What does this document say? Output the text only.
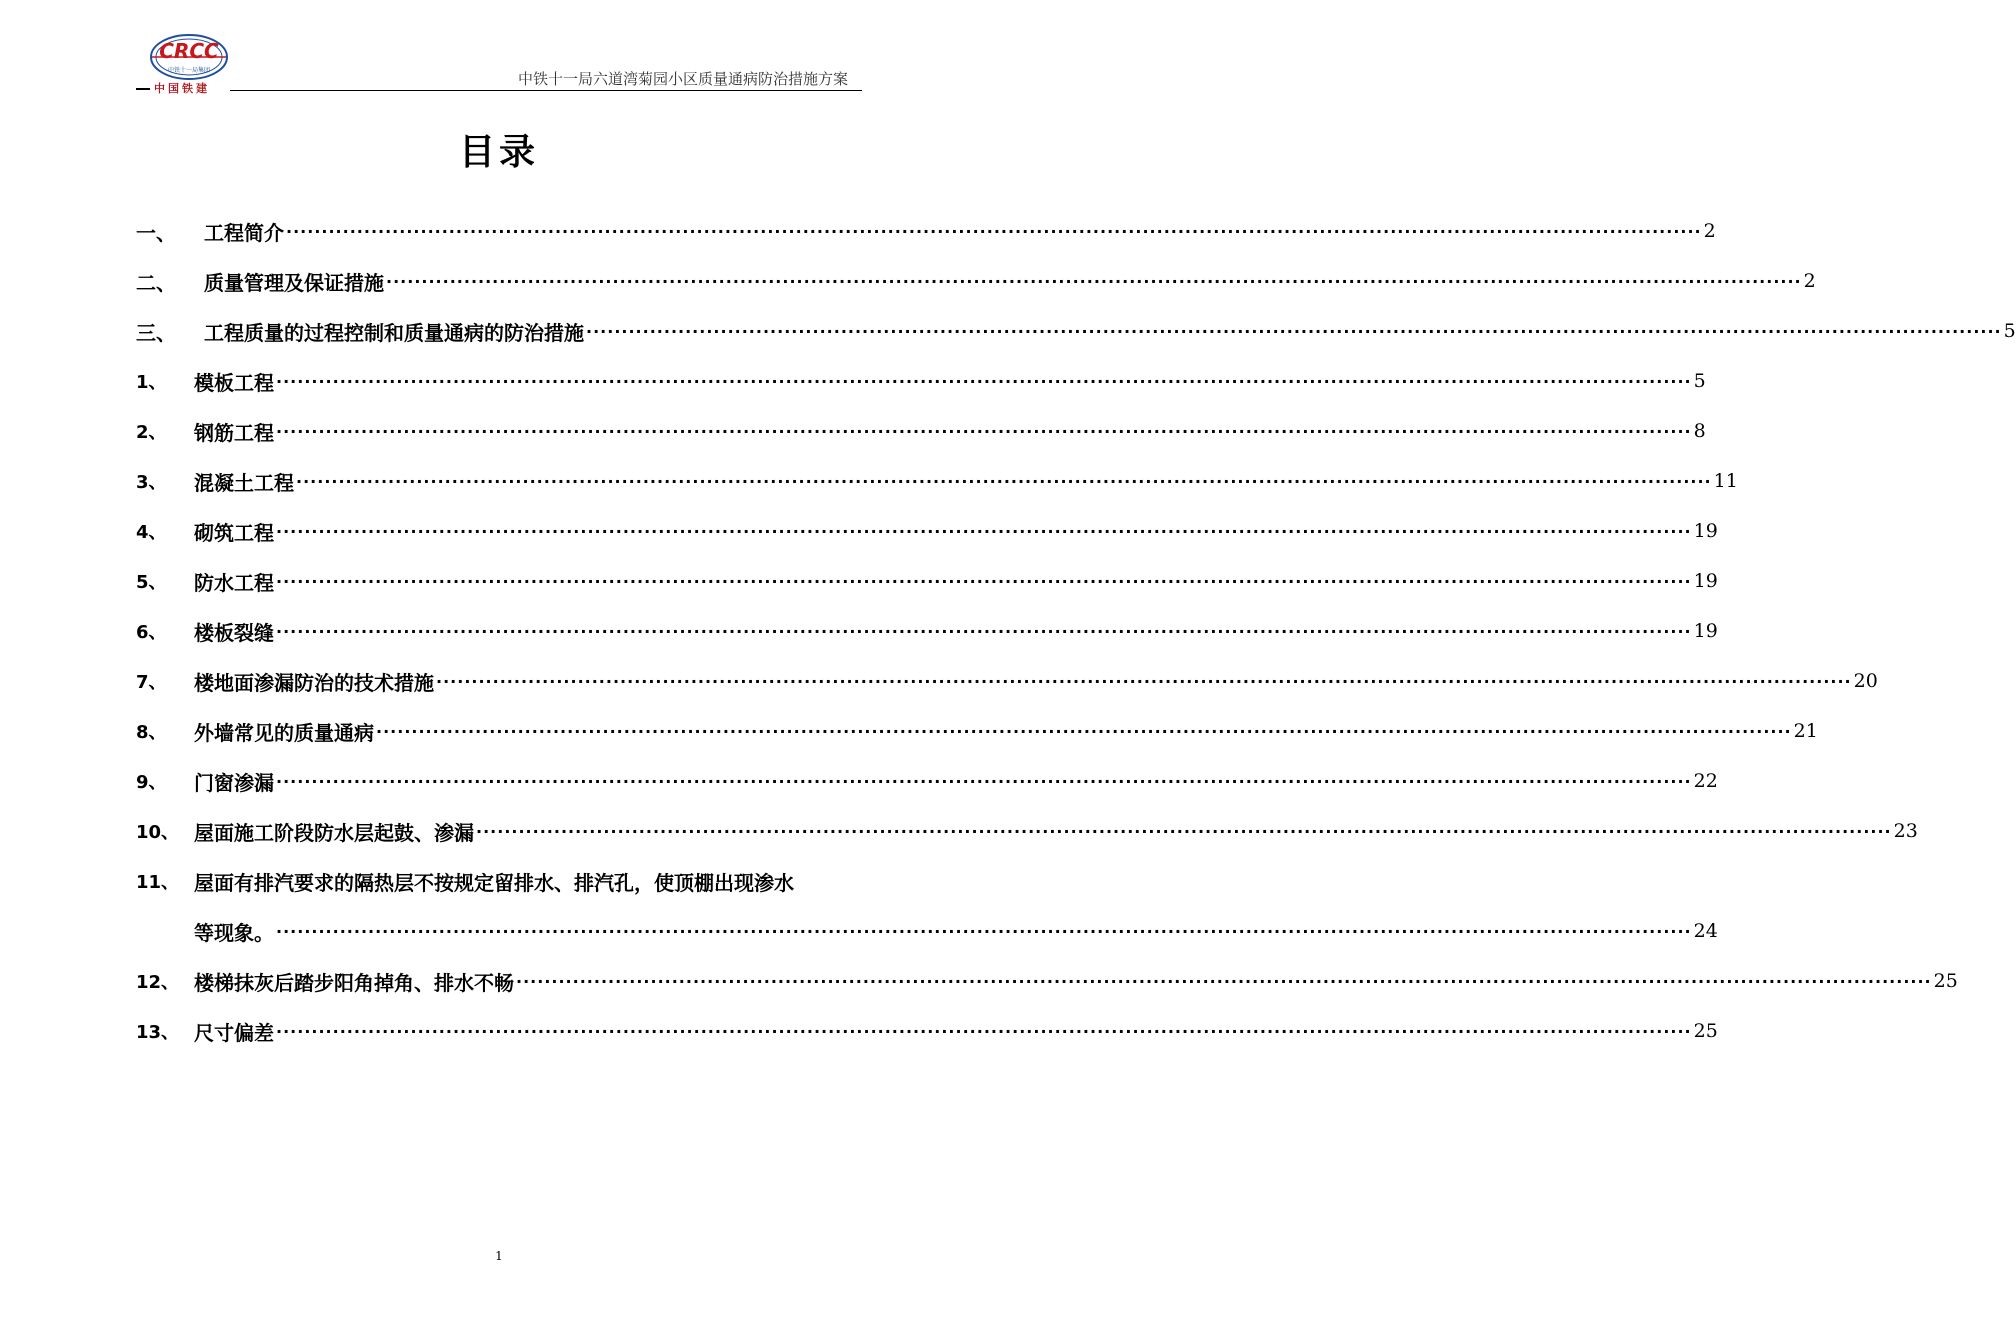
CRCC
中铁十一局集团
中国铁建
中铁十一局六道湾菊园小区质量通病防治措施方案
目录
一、	工程简介 ········································································································································································································ 2
二、	质量管理及保证措施 ········································································································································································································ 2
三、	工程质量的过程控制和质量通病的防治措施 ········································································································································································································ 5
1、	模板工程 ········································································································································································································ 5
2、	钢筋工程 ········································································································································································································ 8
3、	混凝土工程 ········································································································································································································ 11
4、	砌筑工程 ········································································································································································································ 19
5、	防水工程 ········································································································································································································ 19
6、	楼板裂缝 ········································································································································································································ 19
7、	楼地面渗漏防治的技术措施 ········································································································································································································ 20
8、	外墙常见的质量通病 ········································································································································································································ 21
9、	门窗渗漏 ········································································································································································································ 22
10、 屋面施工阶段防水层起鼓、渗漏 ········································································································································································································ 23
11、 屋面有排汽要求的隔热层不按规定留排水、排汽孔，使顶棚出现渗水
等现象。 ········································································································································································································ 24
12、 楼梯抹灰后踏步阳角掉角、排水不畅 ········································································································································································································ 25
13、 尺寸偏差 ········································································································································································································ 25
1
